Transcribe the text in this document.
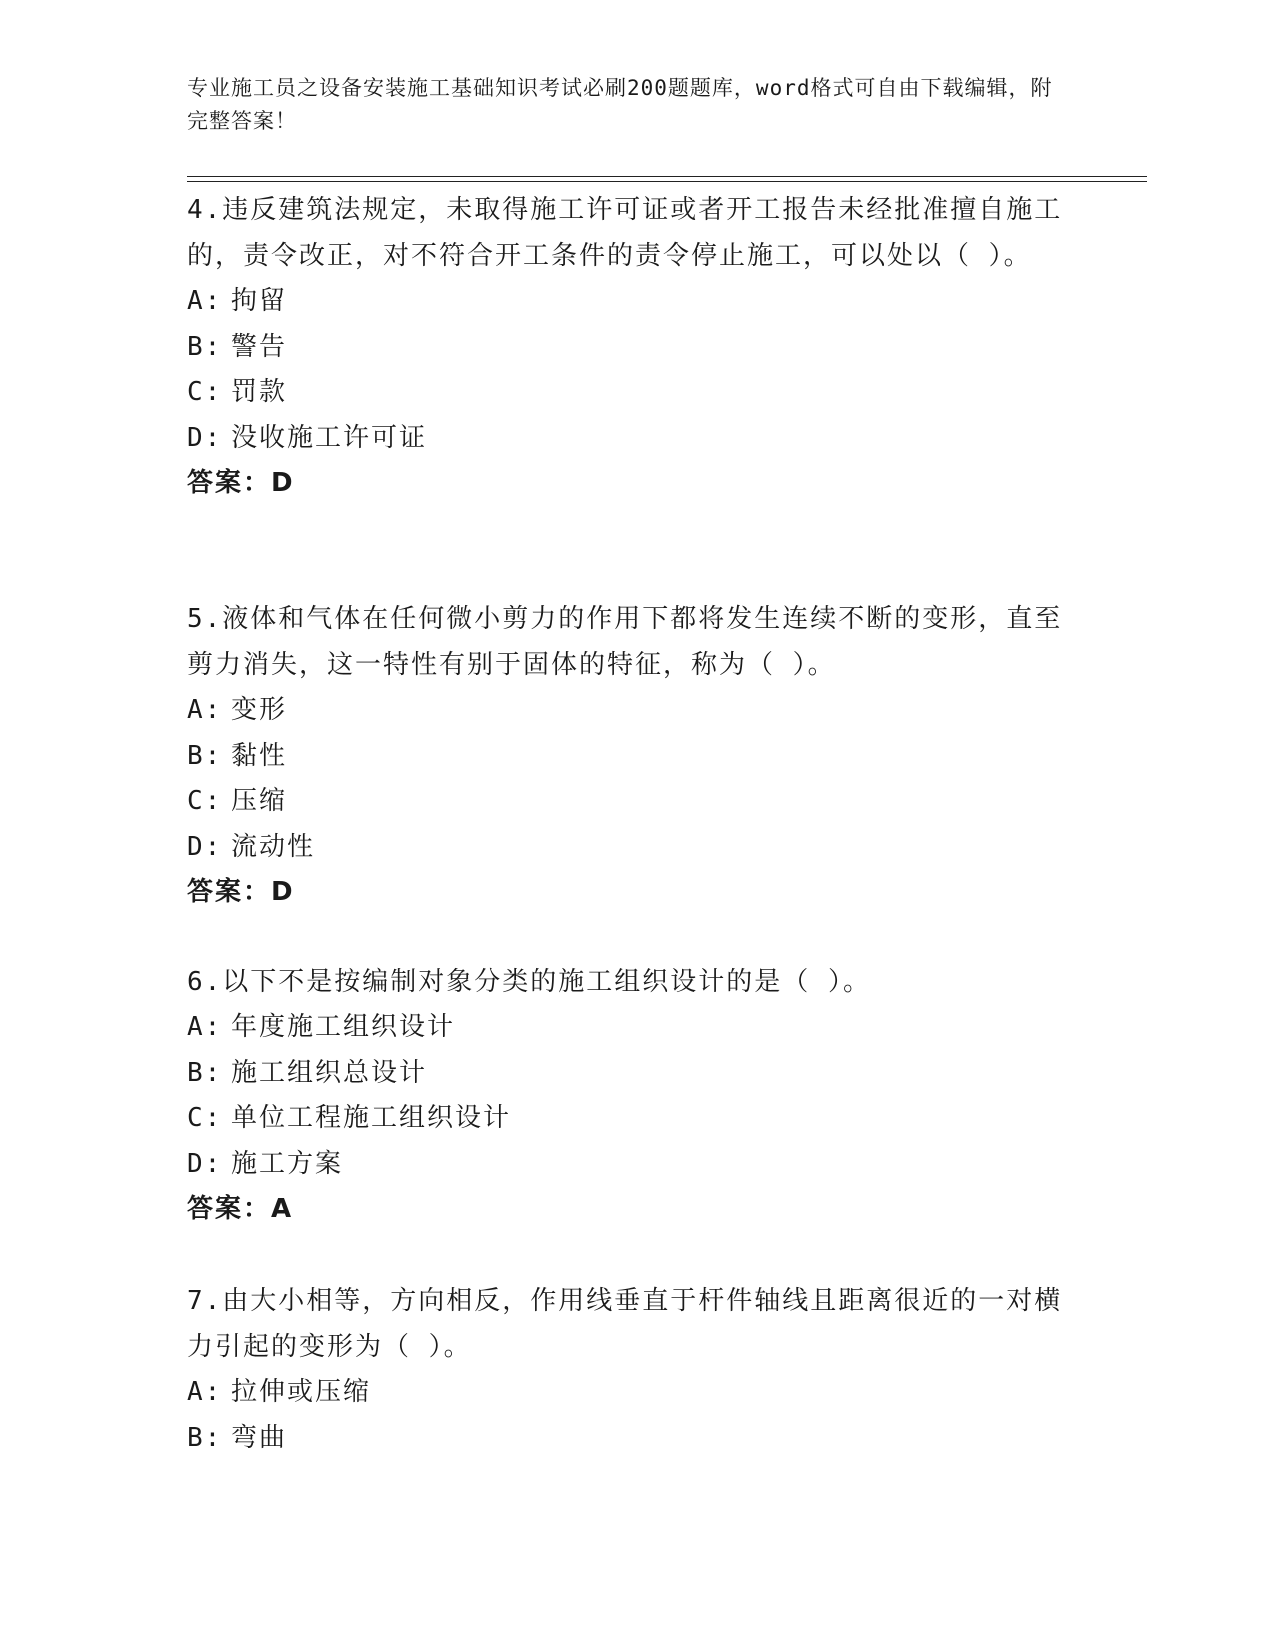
专业施工员之设备安装施工基础知识考试必刷200题题库，word格式可自由下载编辑，附完整答案！

4.违反建筑法规定，未取得施工许可证或者开工报告未经批准擅自施工的，责令改正，对不符合开工条件的责令停止施工，可以处以（ ）。

A: 拘留

B: 警告

C: 罚款

D: 没收施工许可证

答案：D

5.液体和气体在任何微小剪力的作用下都将发生连续不断的变形，直至剪力消失，这一特性有别于固体的特征，称为（ ）。

A: 变形

B: 黏性

C: 压缩

D: 流动性

答案：D

6.以下不是按编制对象分类的施工组织设计的是（ ）。

A: 年度施工组织设计

B: 施工组织总设计

C: 单位工程施工组织设计

D: 施工方案

答案：A

7.由大小相等，方向相反，作用线垂直于杆件轴线且距离很近的一对横力引起的变形为（ ）。

A: 拉伸或压缩

B: 弯曲
